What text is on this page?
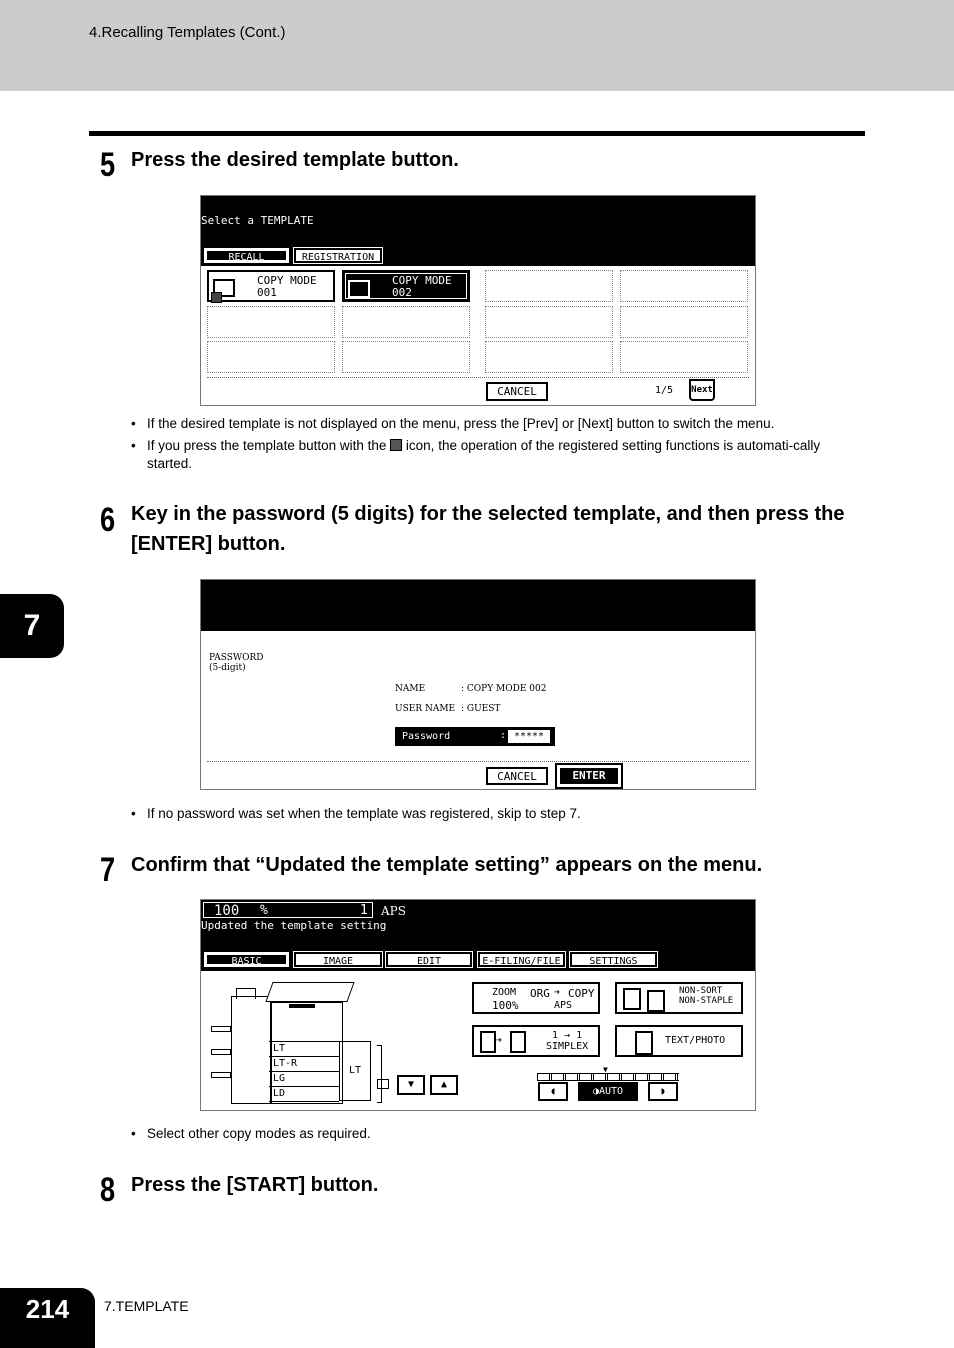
4.Recalling Templates (Cont.)
7
5 Press the desired template button.
Select a TEMPLATE
RECALL	REGISTRATION
COPY MODE
001
COPY MODE
002
CANCEL	1/5 Next
• If the desired template is not displayed on the menu, press the [Prev] or [Next] button to switch the menu.
• If you press the template button with the icon, the operation of the registered setting functions is automati-cally started.
6 Key in the password (5 digits) for the selected template, and then press the [ENTER] button.
PASSWORD
(5-digit)
NAME	: COPY MODE 002
USER NAME : GUEST
Password	: *****
CANCEL	ENTER
• If no password was set when the template was registered, skip to step 7.
7 Confirm that “Updated the template setting” appears on the menu.
100 %	1 APS
Updated the template setting
BASIC	IMAGE	EDIT	E-FILING/FILE	SETTINGS
LT
LT-R
LG
LD
LT
▼	▲
ZOOM
100%
ORG ➔ COPY
APS
NON-SORT
NON-STAPLE
➔	1 → 1
SIMPLEX
TEXT/PHOTO
▼
◖	◑AUTO	◗
• Select other copy modes as required.
8 Press the [START] button.
214	7.TEMPLATE
